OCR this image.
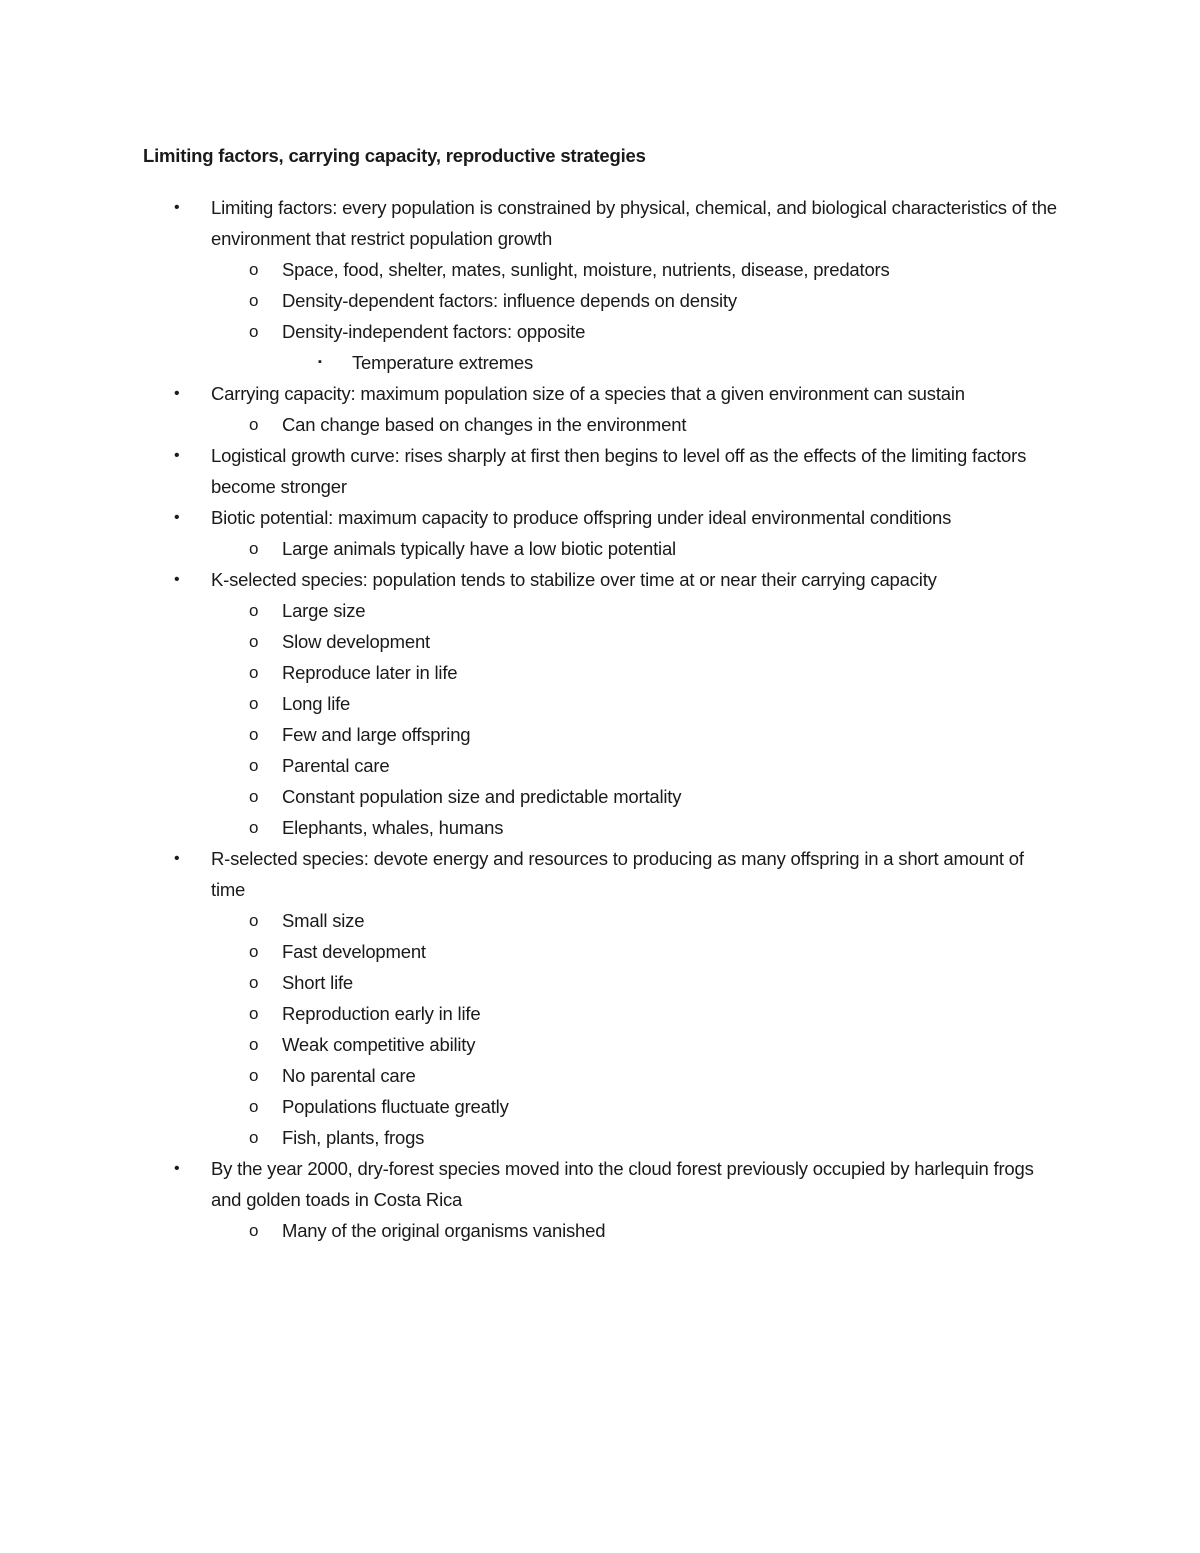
Limiting factors, carrying capacity, reproductive strategies
• Limiting factors: every population is constrained by physical, chemical, and biological characteristics of the environment that restrict population growth
o Space, food, shelter, mates, sunlight, moisture, nutrients, disease, predators
o Density-dependent factors: influence depends on density
o Density-independent factors: opposite
▪ Temperature extremes
• Carrying capacity: maximum population size of a species that a given environment can sustain
o Can change based on changes in the environment
• Logistical growth curve: rises sharply at first then begins to level off as the effects of the limiting factors become stronger
• Biotic potential: maximum capacity to produce offspring under ideal environmental conditions
o Large animals typically have a low biotic potential
• K-selected species: population tends to stabilize over time at or near their carrying capacity
o Large size
o Slow development
o Reproduce later in life
o Long life
o Few and large offspring
o Parental care
o Constant population size and predictable mortality
o Elephants, whales, humans
• R-selected species: devote energy and resources to producing as many offspring in a short amount of time
o Small size
o Fast development
o Short life
o Reproduction early in life
o Weak competitive ability
o No parental care
o Populations fluctuate greatly
o Fish, plants, frogs
• By the year 2000, dry-forest species moved into the cloud forest previously occupied by harlequin frogs and golden toads in Costa Rica
o Many of the original organisms vanished
